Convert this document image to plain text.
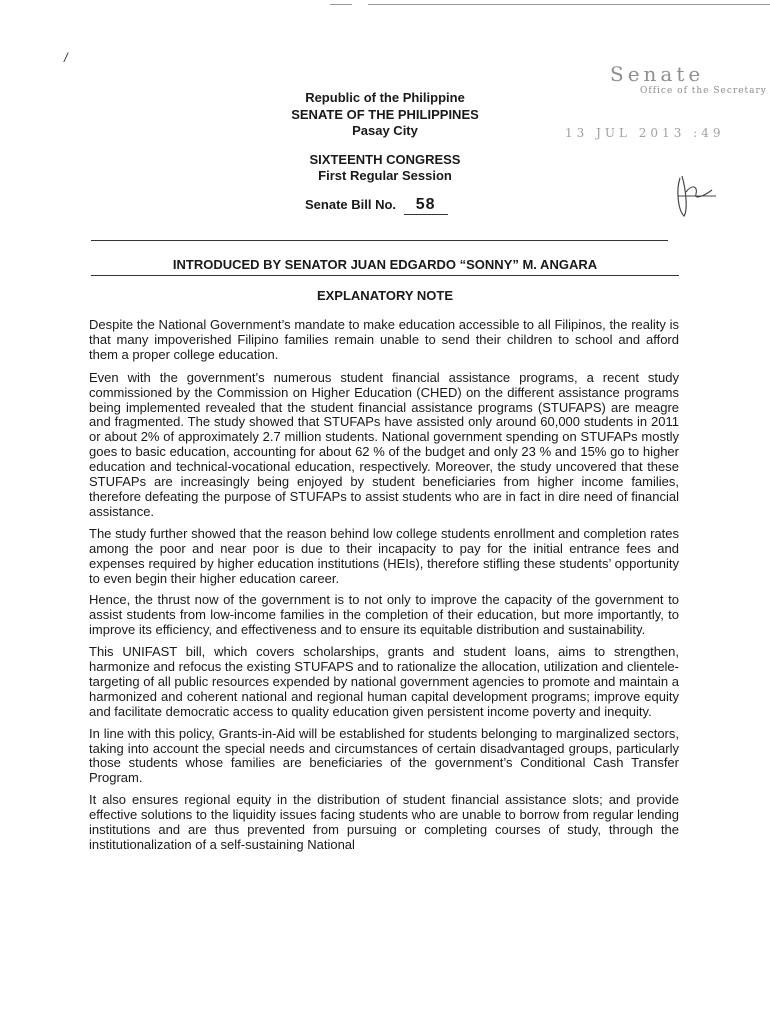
/
Senate
Office of the Secretary
13 JUL 2013 :49
Republic of the Philippine
SENATE OF THE PHILIPPINES
Pasay City
SIXTEENTH CONGRESS
First Regular Session
Senate Bill No. 58
INTRODUCED BY SENATOR JUAN EDGARDO “SONNY” M. ANGARA
EXPLANATORY NOTE

Despite the National Government’s mandate to make education accessible to all Filipinos, the reality is that many impoverished Filipino families remain unable to send their children to school and afford them a proper college education.

Even with the government’s numerous student financial assistance programs, a recent study commissioned by the Commission on Higher Education (CHED) on the different assistance programs being implemented revealed that the student financial assistance programs (STUFAPS) are meagre and fragmented. The study showed that STUFAPs have assisted only around 60,000 students in 2011 or about 2% of approximately 2.7 million students. National government spending on STUFAPs mostly goes to basic education, accounting for about 62 % of the budget and only 23 % and 15% go to higher education and technical-vocational education, respectively. Moreover, the study uncovered that these STUFAPs are increasingly being enjoyed by student beneficiaries from higher income families, therefore defeating the purpose of STUFAPs to assist students who are in fact in dire need of financial assistance.

The study further showed that the reason behind low college students enrollment and completion rates among the poor and near poor is due to their incapacity to pay for the initial entrance fees and expenses required by higher education institutions (HEIs), therefore stifling these students’ opportunity to even begin their higher education career.

Hence, the thrust now of the government is to not only to improve the capacity of the government to assist students from low-income families in the completion of their education, but more importantly, to improve its efficiency, and effectiveness and to ensure its equitable distribution and sustainability.

This UNIFAST bill, which covers scholarships, grants and student loans, aims to strengthen, harmonize and refocus the existing STUFAPS and to rationalize the allocation, utilization and clientele-targeting of all public resources expended by national government agencies to promote and maintain a harmonized and coherent national and regional human capital development programs; improve equity and facilitate democratic access to quality education given persistent income poverty and inequity.

In line with this policy, Grants-in-Aid will be established for students belonging to marginalized sectors, taking into account the special needs and circumstances of certain disadvantaged groups, particularly those students whose families are beneficiaries of the government’s Conditional Cash Transfer Program.

It also ensures regional equity in the distribution of student financial assistance slots; and provide effective solutions to the liquidity issues facing students who are unable to borrow from regular lending institutions and are thus prevented from pursuing or completing courses of study, through the institutionalization of a self-sustaining National
